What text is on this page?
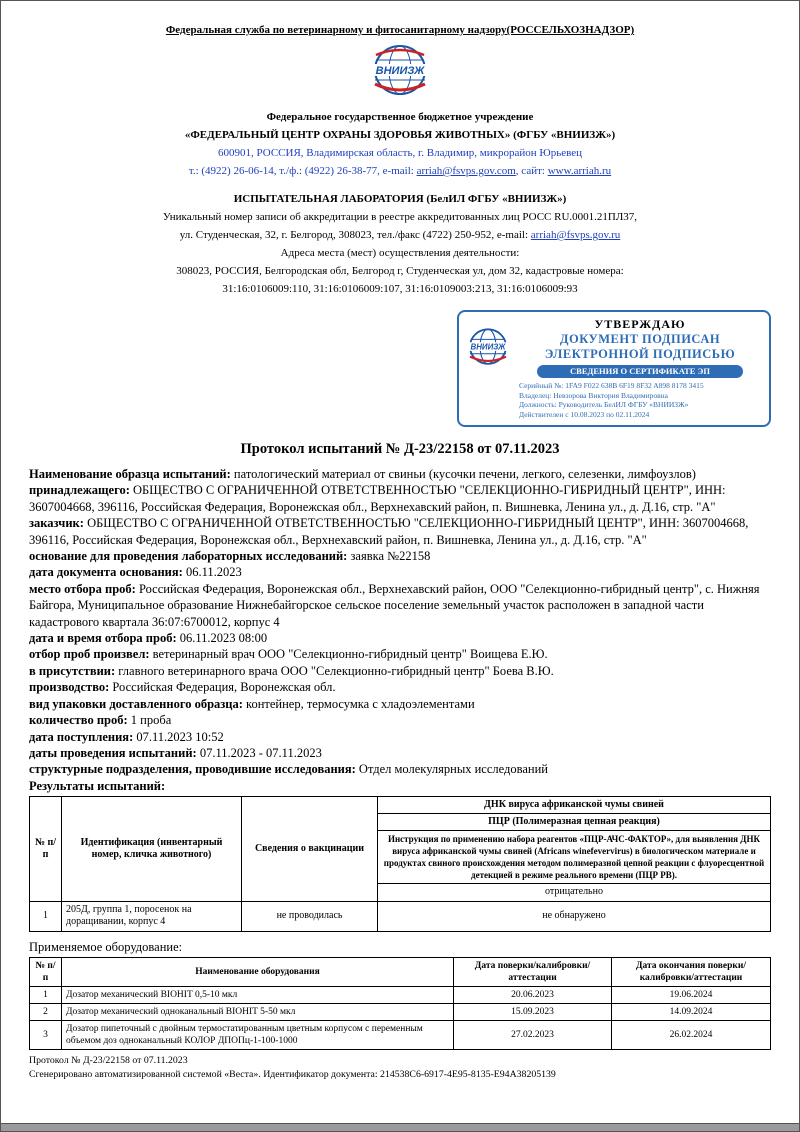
Федеральная служба по ветеринарному и фитосанитарному надзору(РОССЕЛЬХОЗНАДЗОР)
ВНИИЗЖ
Федеральное государственное бюджетное учреждение
«ФЕДЕРАЛЬНЫЙ ЦЕНТР ОХРАНЫ ЗДОРОВЬЯ ЖИВОТНЫХ» (ФГБУ «ВНИИЗЖ»)
600901, РОССИЯ, Владимирская область, г. Владимир, микрорайон Юрьевец
т.: (4922) 26-06-14, т./ф.: (4922) 26-38-77, e-mail: arriah@fsvps.gov.com, сайт: www.arriah.ru
ИСПЫТАТЕЛЬНАЯ ЛАБОРАТОРИЯ (БелИЛ ФГБУ «ВНИИЗЖ»)
Уникальный номер записи об аккредитации в реестре аккредитованных лиц РОСС RU.0001.21ПЛ37,
ул. Студенческая, 32, г. Белгород, 308023, тел./факс (4722) 250-952, e-mail: arriah@fsvps.gov.ru
Адреса места (мест) осуществления деятельности:
308023, РОССИЯ, Белгородская обл, Белгород г, Студенческая ул, дом 32, кадастровые номера:
31:16:0106009:110, 31:16:0106009:107, 31:16:0109003:213, 31:16:0106009:93
ВНИИЗЖ
УТВЕРЖДАЮ
ДОКУМЕНТ ПОДПИСАН
ЭЛЕКТРОННОЙ ПОДПИСЬЮ
СВЕДЕНИЯ О СЕРТИФИКАТЕ ЭП
Серийный №: 1FA9 F022 638B 6F19 8F32 A898 8178 3415
Владелец: Невзорова Виктория Владимировна
Должность: Руководитель БелИЛ ФГБУ «ВНИИЗЖ»
Действителен с 10.08.2023 по 02.11.2024
Протокол испытаний № Д-23/22158 от 07.11.2023

Наименование образца испытаний: патологический материал от свиньи (кусочки печени, легкого, селезенки, лимфоузлов)

принадлежащего: ОБЩЕСТВО С ОГРАНИЧЕННОЙ ОТВЕТСТВЕННОСТЬЮ "СЕЛЕКЦИОННО-ГИБРИДНЫЙ ЦЕНТР", ИНН: 3607004668, 396116, Российская Федерация, Воронежская обл., Верхнехавский район, п. Вишневка, Ленина ул., д. Д.16, стр. "А"

заказчик: ОБЩЕСТВО С ОГРАНИЧЕННОЙ ОТВЕТСТВЕННОСТЬЮ "СЕЛЕКЦИОННО-ГИБРИДНЫЙ ЦЕНТР", ИНН: 3607004668, 396116, Российская Федерация, Воронежская обл., Верхнехавский район, п. Вишневка, Ленина ул., д. Д.16, стр. "А"

основание для проведения лабораторных исследований: заявка №22158

дата документа основания: 06.11.2023

место отбора проб: Российская Федерация, Воронежская обл., Верхнехавский район, ООО "Селекционно-гибридный центр", с. Нижняя Байгора, Муниципальное образование Нижнебайгорское сельское поселение земельный участок расположен в западной части кадастрового квартала 36:07:6700012, корпус 4

дата и время отбора проб: 06.11.2023 08:00

отбор проб произвел: ветеринарный врач ООО "Селекционно-гибридный центр" Воищева Е.Ю.

в присутствии: главного ветеринарного врача ООО "Селекционно-гибридный центр" Боева В.Ю.

производство: Российская Федерация, Воронежская обл.

вид упаковки доставленного образца: контейнер, термосумка с хладоэлементами

количество проб: 1 проба

дата поступления: 07.11.2023 10:52

даты проведения испытаний: 07.11.2023 - 07.11.2023

структурные подразделения, проводившие исследования: Отдел молекулярных исследований

Результаты испытаний:

№ п/п	Идентификация (инвентарный номер, кличка животного)	Сведения о вакцинации	ДНК вируса африканской чумы свиней
			ПЦР (Полимеразная цепная реакция)
			Инструкция по применению набора реагентов «ПЦР-АЧС-ФАКТОР», для выявления ДНК вируса африканской чумы свиней (Africans winefevervirus) в биологическом материале и продуктах свиного происхождения методом полимеразной цепной реакции с флуоресцентной детекцией в режиме реального времени (ПЦР РВ).
			отрицательно
1	205Д, группа 1, поросенок на доращивании, корпус 4	не проводилась	не обнаружено
Применяемое оборудование:
№ п/п	Наименование оборудования	Дата поверки/калибровки/аттестации	Дата окончания поверки/калибровки/аттестации
1	Дозатор механический BIOHIT 0,5-10 мкл	20.06.2023	19.06.2024
2	Дозатор механический одноканальный BIOHIT 5-50 мкл	15.09.2023	14.09.2024
3	Дозатор пипеточный с двойным термостатированным цветным корпусом с переменным объемом доз одноканальный КОЛОР ДПОПц-1-100-1000	27.02.2023	26.02.2024
Протокол № Д-23/22158 от 07.11.2023
Сгенерировано автоматизированной системой «Веста». Идентификатор документа: 214538C6-6917-4E95-8135-E94A38205139
